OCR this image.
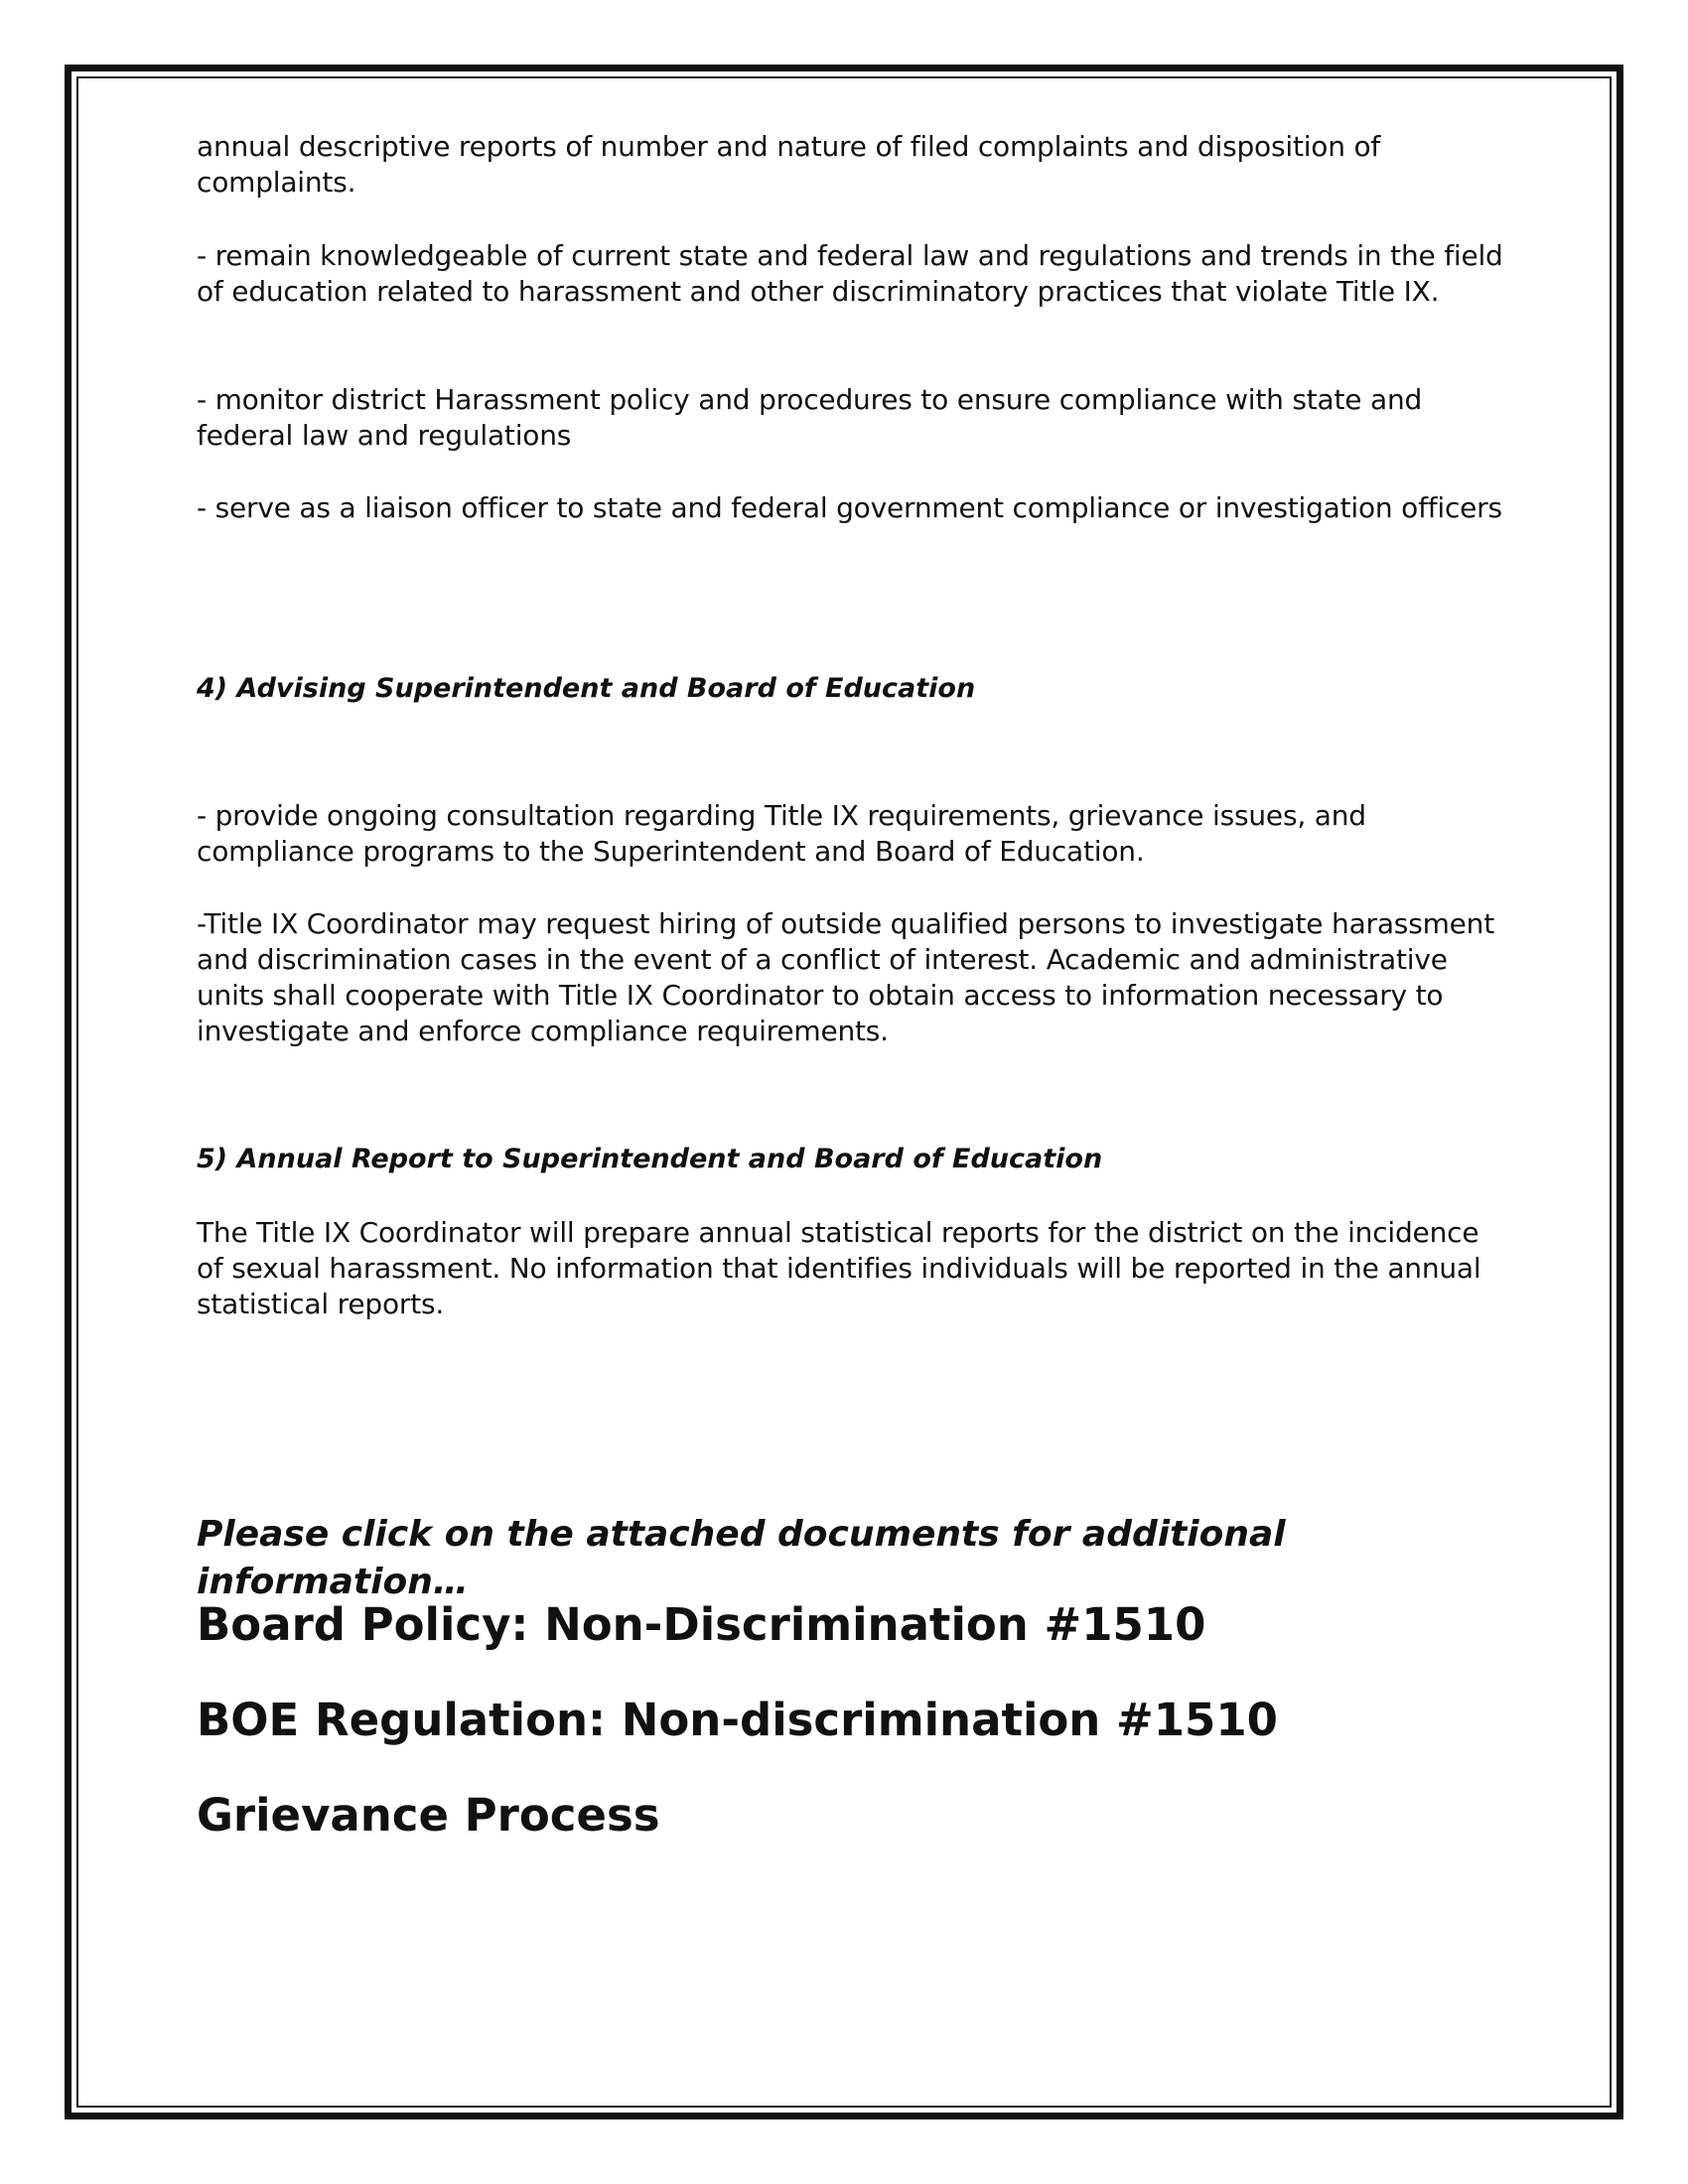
annual descriptive reports of number and nature of filed complaints and disposition of complaints.

- remain knowledgeable of current state and federal law and regulations and trends in the field of education related to harassment and other discriminatory practices that violate Title IX.

- monitor district Harassment policy and procedures to ensure compliance with state and federal law and regulations

- serve as a liaison officer to state and federal government compliance or investigation officers

4) Advising Superintendent and Board of Education

- provide ongoing consultation regarding Title IX requirements, grievance issues, and compliance programs to the Superintendent and Board of Education.

-Title IX Coordinator may request hiring of outside qualified persons to investigate harassment and discrimination cases in the event of a conflict of interest. Academic and administrative units shall cooperate with Title IX Coordinator to obtain access to information necessary to investigate and enforce compliance requirements.

5) Annual Report to Superintendent and Board of Education

The Title IX Coordinator will prepare annual statistical reports for the district on the incidence of sexual harassment. No information that identifies individuals will be reported in the annual statistical reports.

Please click on the attached documents for additional information…

Board Policy: Non-Discrimination #1510
BOE Regulation: Non-discrimination #1510
Grievance Process
